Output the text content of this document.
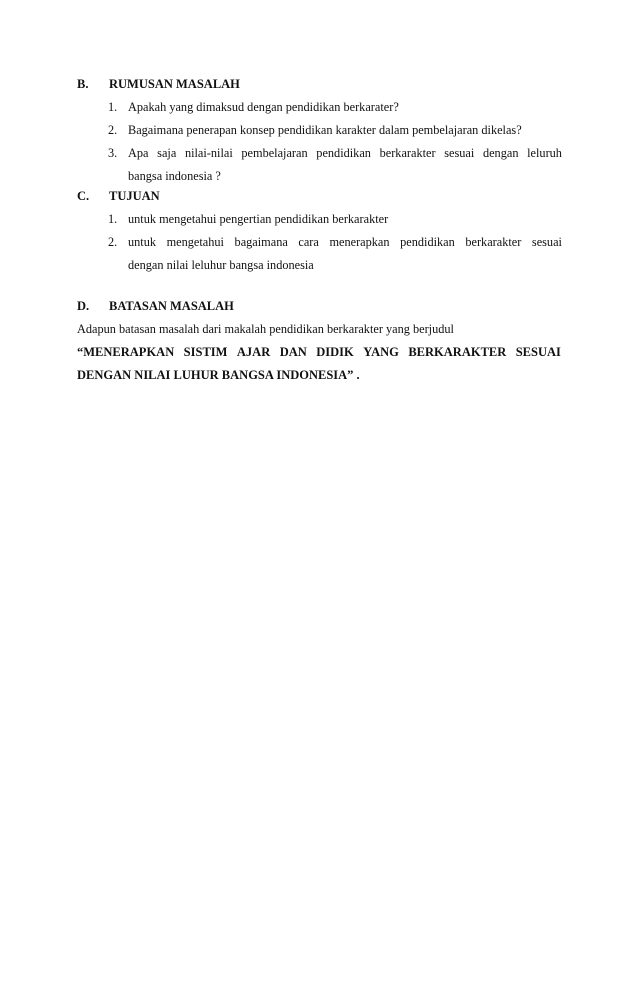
B. RUMUSAN MASALAH
1. Apakah yang dimaksud dengan pendidikan berkarater?
2. Bagaimana penerapan konsep pendidikan karakter dalam pembelajaran dikelas?
3. Apa saja nilai-nilai pembelajaran pendidikan berkarakter sesuai dengan leluruh
bangsa indonesia ?
C. TUJUAN
1. untuk mengetahui pengertian pendidikan berkarakter
2. untuk mengetahui bagaimana cara menerapkan pendidikan berkarakter sesuai
dengan nilai leluhur bangsa indonesia
D. BATASAN MASALAH
Adapun batasan masalah dari makalah pendidikan berkarakter yang berjudul
“MENERAPKAN SISTIM AJAR DAN DIDIK YANG BERKARAKTER SESUAI
DENGAN NILAI LUHUR BANGSA INDONESIA” .
